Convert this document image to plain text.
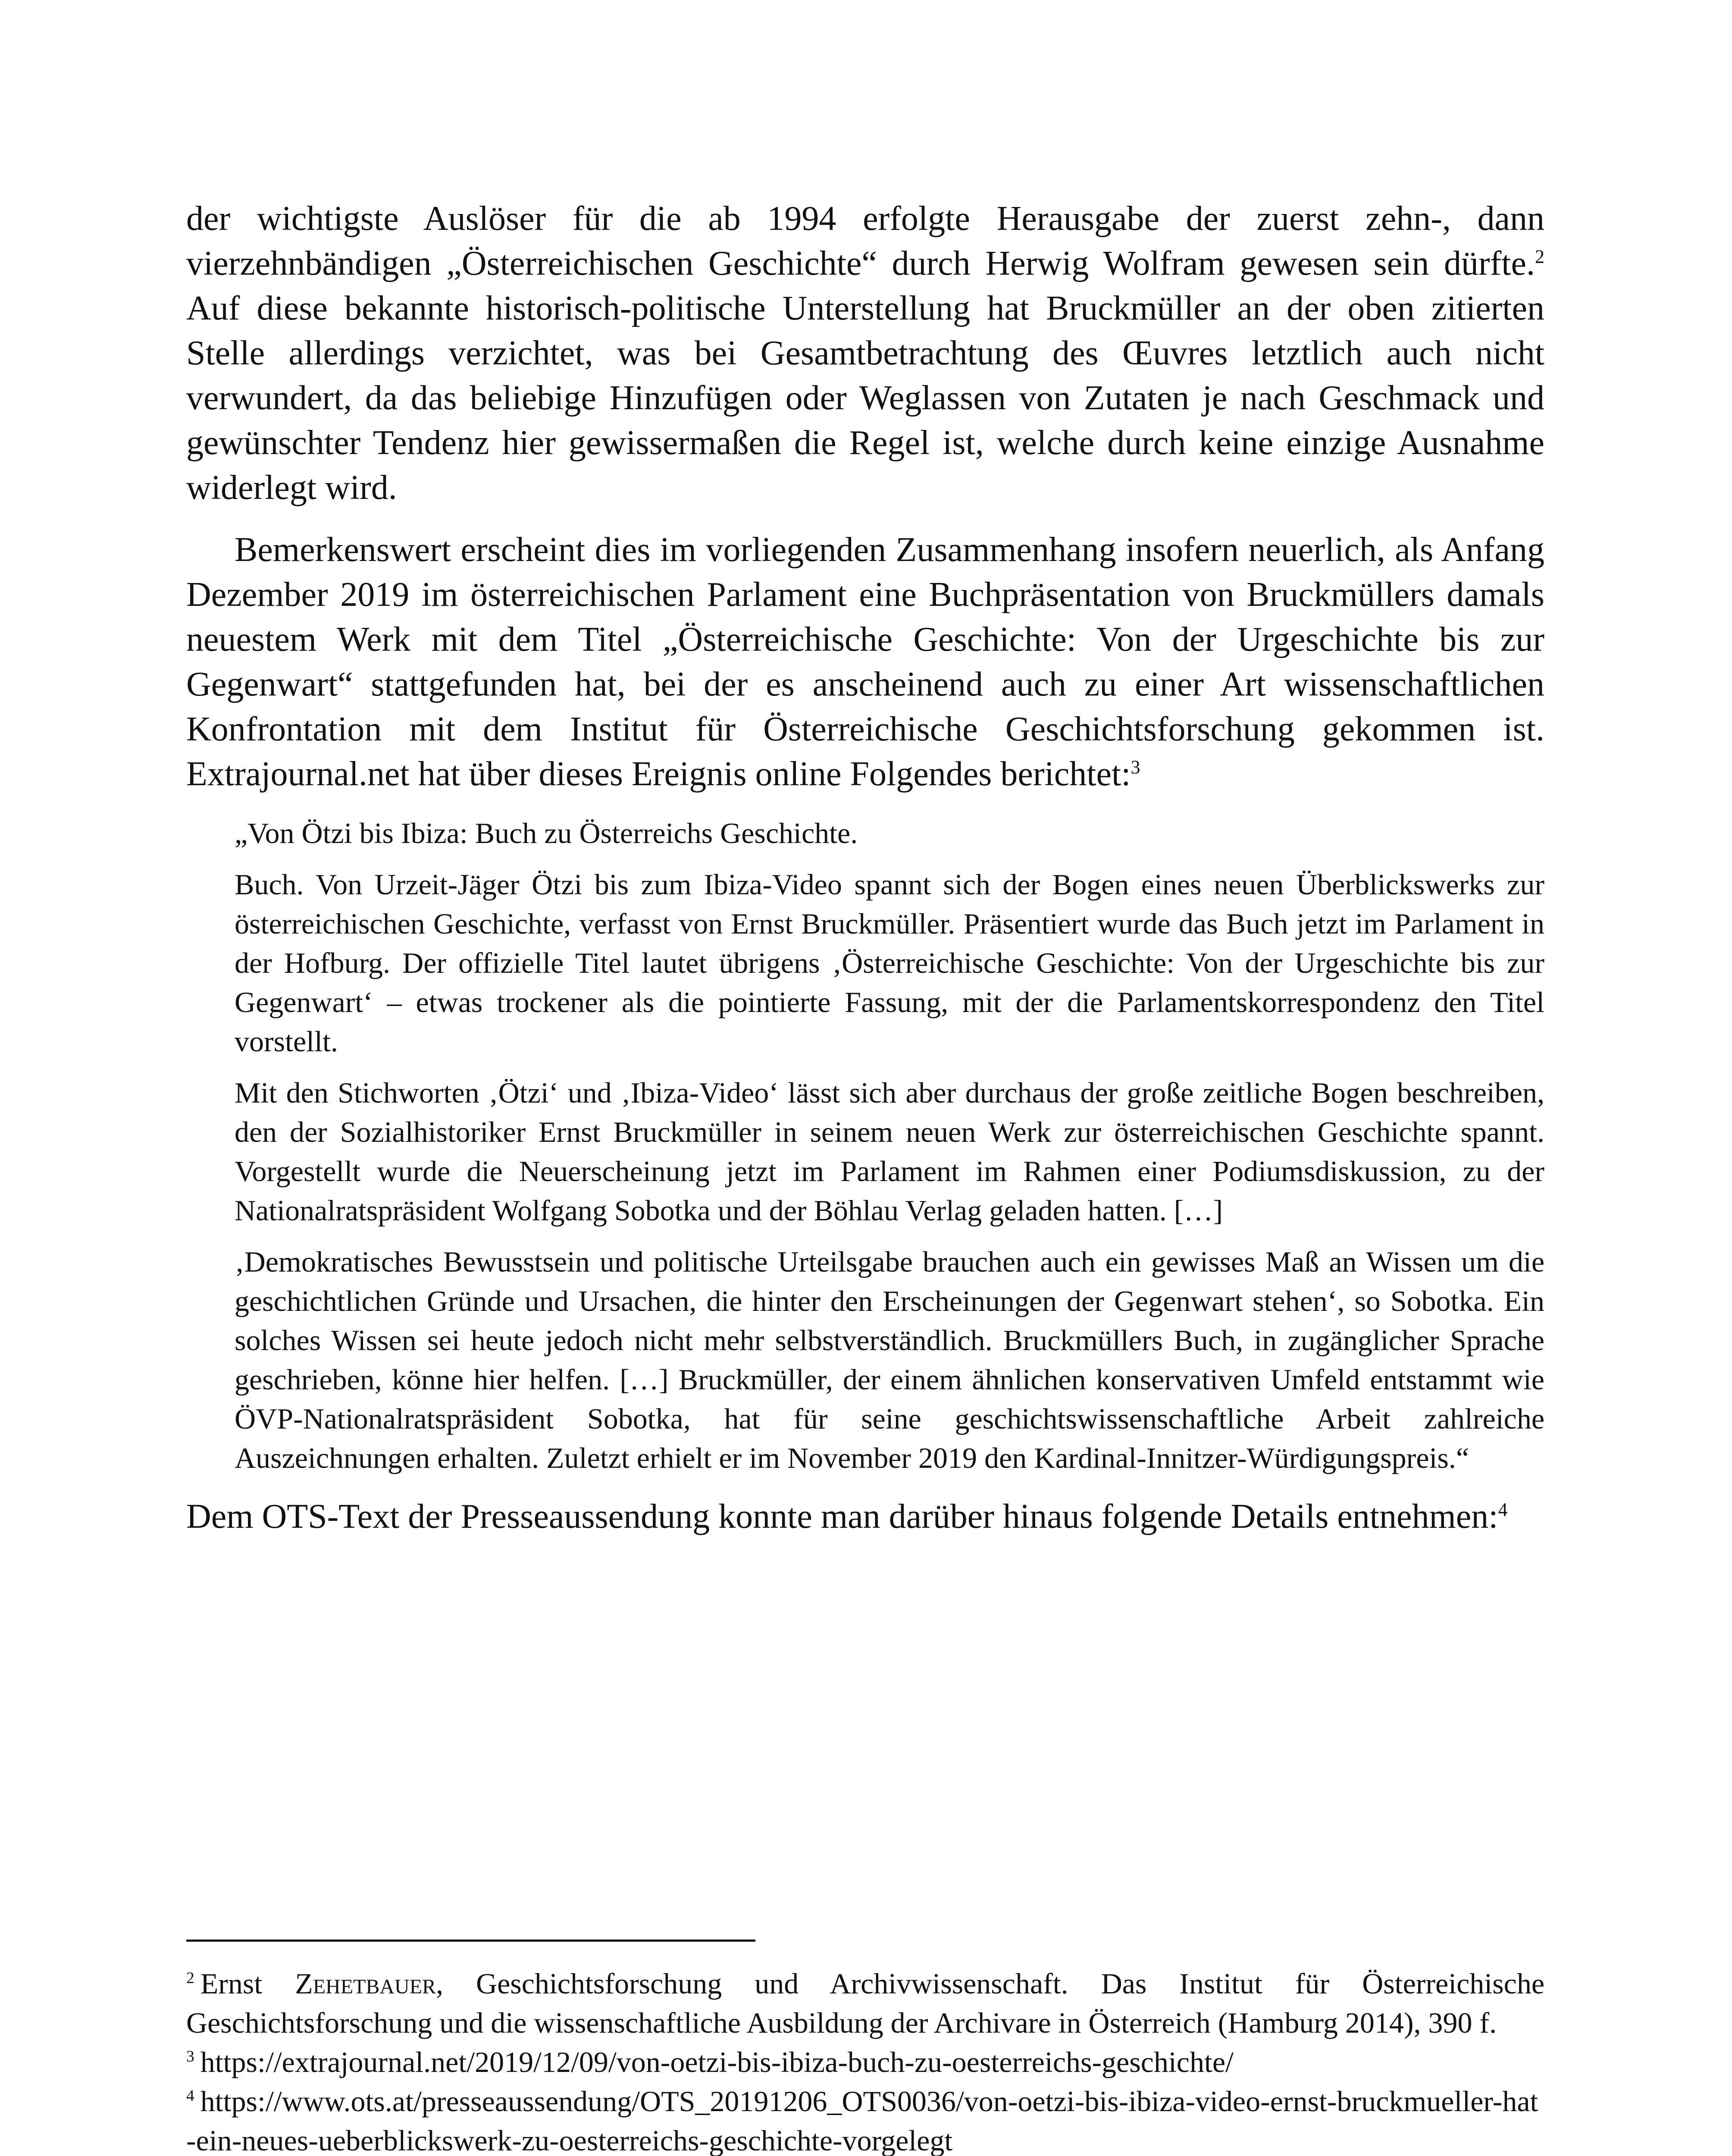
der wichtigste Auslöser für die ab 1994 erfolgte Herausgabe der zuerst zehn-, dann vierzehnbändigen „Österreichischen Geschichte“ durch Herwig Wolfram gewesen sein dürfte.$^2$ Auf diese bekannte historisch-politische Unterstellung hat Bruckmüller an der oben zitierten Stelle allerdings verzichtet, was bei Gesamtbetrachtung des Œuvres letztlich auch nicht verwundert, da das beliebige Hinzufügen oder Weglassen von Zutaten je nach Geschmack und gewünschter Tendenz hier gewissermaßen die Regel ist, welche durch keine einzige Ausnahme widerlegt wird.

Bemerkenswert erscheint dies im vorliegenden Zusammenhang insofern neuerlich, als Anfang Dezember 2019 im österreichischen Parlament eine Buchpräsentation von Bruckmüllers damals neuestem Werk mit dem Titel „Österreichische Geschichte: Von der Urgeschichte bis zur Gegenwart“ stattgefunden hat, bei der es anscheinend auch zu einer Art wissenschaftlichen Konfrontation mit dem Institut für Österreichische Geschichtsforschung gekommen ist. Extrajournal.net hat über dieses Ereignis online Folgendes berichtet:$^3$

„Von Ötzi bis Ibiza: Buch zu Österreichs Geschichte.

Buch. Von Urzeit-Jäger Ötzi bis zum Ibiza-Video spannt sich der Bogen eines neuen Überblickswerks zur österreichischen Geschichte, verfasst von Ernst Bruckmüller. Präsentiert wurde das Buch jetzt im Parlament in der Hofburg. Der offizielle Titel lautet übrigens ‚Österreichische Geschichte: Von der Urgeschichte bis zur Gegenwart‘ – etwas trockener als die pointierte Fassung, mit der die Parlamentskorrespondenz den Titel vorstellt.

Mit den Stichworten ‚Ötzi‘ und ‚Ibiza-Video‘ lässt sich aber durchaus der große zeitliche Bogen beschreiben, den der Sozialhistoriker Ernst Bruckmüller in seinem neuen Werk zur österreichischen Geschichte spannt. Vorgestellt wurde die Neuerscheinung jetzt im Parlament im Rahmen einer Podiumsdiskussion, zu der Nationalratspräsident Wolfgang Sobotka und der Böhlau Verlag geladen hatten. […]

‚Demokratisches Bewusstsein und politische Urteilsgabe brauchen auch ein gewisses Maß an Wissen um die geschichtlichen Gründe und Ursachen, die hinter den Erscheinungen der Gegenwart stehen‘, so Sobotka. Ein solches Wissen sei heute jedoch nicht mehr selbstverständlich. Bruckmüllers Buch, in zugänglicher Sprache geschrieben, könne hier helfen. […] Bruckmüller, der einem ähnlichen konservativen Umfeld entstammt wie ÖVP-Nationalratspräsident Sobotka, hat für seine geschichtswissenschaftliche Arbeit zahlreiche Auszeichnungen erhalten. Zuletzt erhielt er im November 2019 den Kardinal-Innitzer-Würdigungspreis.“

Dem OTS-Text der Presseaussendung konnte man darüber hinaus folgende Details entnehmen:$^4$

$^2$ Ernst Zehetbauer, Geschichtsforschung und Archivwissenschaft. Das Institut für Österreichische Geschichtsforschung und die wissenschaftliche Ausbildung der Archivare in Österreich (Hamburg 2014), 390 f.

$^3$ https://extrajournal.net/2019/12/09/von-oetzi-bis-ibiza-buch-zu-oesterreichs-geschichte/

$^4$ https://www.ots.at/presseaussendung/OTS_20191206_OTS0036/von-oetzi-bis-ibiza-video-ernst-bruckmueller-hat-ein-neues-ueberblickswerk-zu-oesterreichs-geschichte-vorgelegt
